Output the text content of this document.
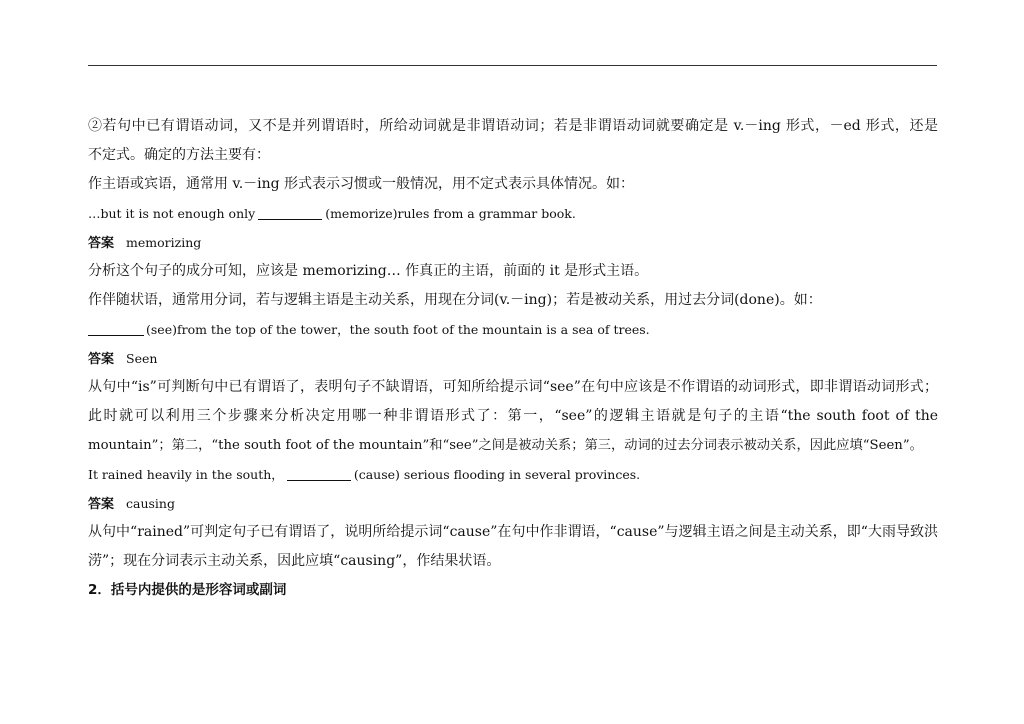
②若句中已有谓语动词，又不是并列谓语时，所给动词就是非谓语动词；若是非谓语动词就要确定是 v.－ing 形式，－ed 形式，还是
不定式。确定的方法主要有：
作主语或宾语，通常用 v.－ing 形式表示习惯或一般情况，用不定式表示具体情况。如：
…but it is not enough only	(memorize)rules from a grammar book.
答案 memorizing
分析这个句子的成分可知，应该是 memorizing… 作真正的主语，前面的 it 是形式主语。
作伴随状语，通常用分词，若与逻辑主语是主动关系，用现在分词(v.－ing)；若是被动关系，用过去分词(done)。如：
(see)from the top of the tower，the south foot of the mountain is a sea of trees.
答案 Seen
从句中“is”可判断句中已有谓语了，表明句子不缺谓语，可知所给提示词“see”在句中应该是不作谓语的动词形式，即非谓语动词形式；
此时就可以利用三个步骤来分析决定用哪一种非谓语形式了：第一，“see”的逻辑主语就是句子的主语“the south foot of the
mountain”；第二，“the south foot of the mountain”和“see”之间是被动关系；第三，动词的过去分词表示被动关系，因此应填“Seen”。
It rained heavily in the south，	(cause) serious flooding in several provinces.
答案 causing
从句中“rained”可判定句子已有谓语了，说明所给提示词“cause”在句中作非谓语，“cause”与逻辑主语之间是主动关系，即“大雨导致洪
涝”；现在分词表示主动关系，因此应填“causing”，作结果状语。
2．括号内提供的是形容词或副词
